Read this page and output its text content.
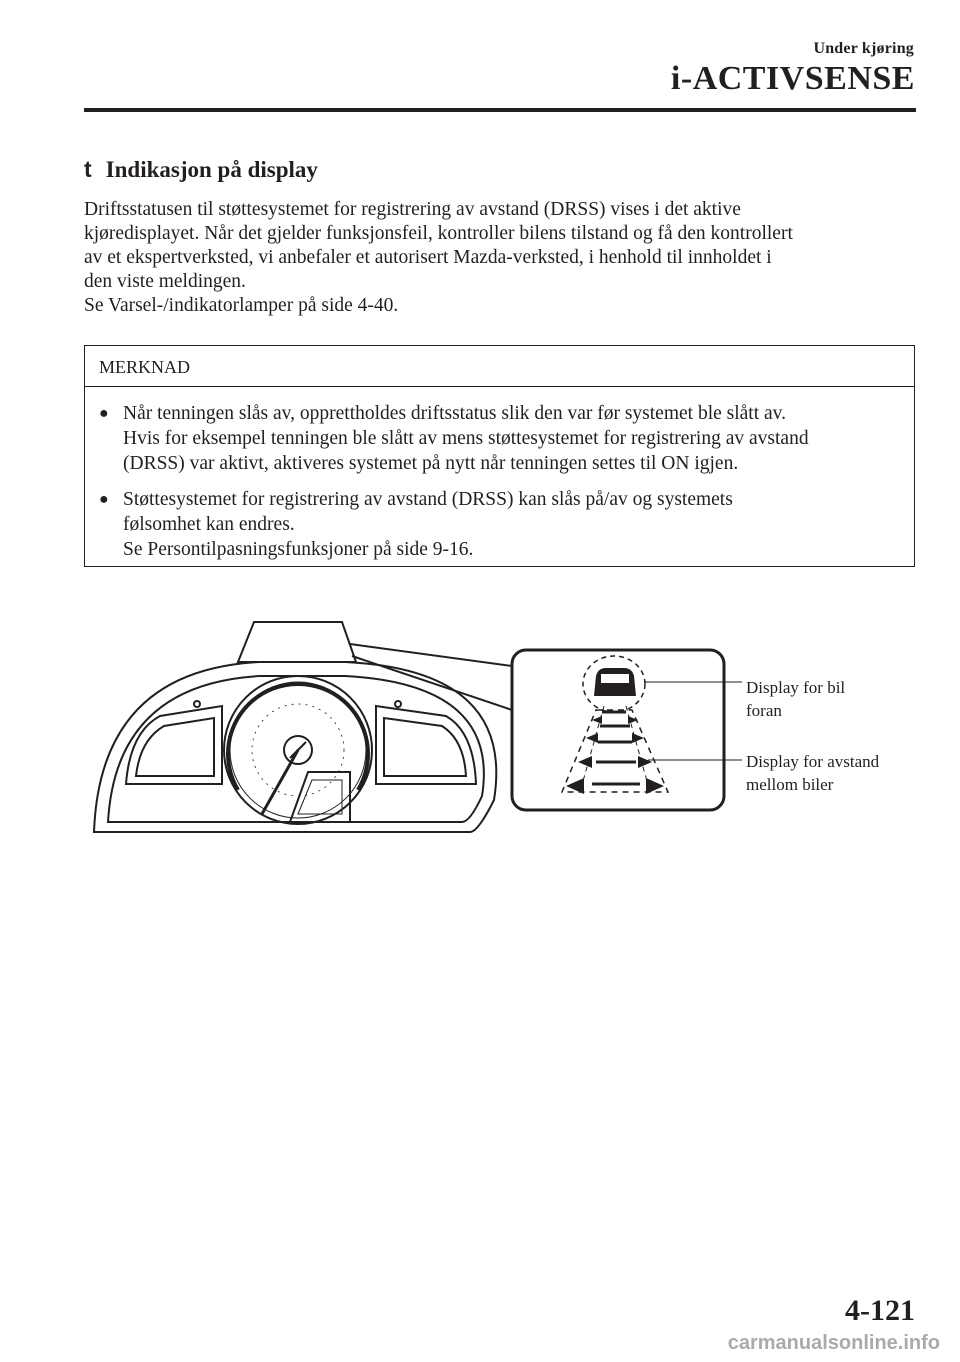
Under kjøring
i-ACTIVSENSE
t Indikasjon på display

Driftsstatusen til støttesystemet for registrering av avstand (DRSS) vises i det aktive
kjøredisplayet. Når det gjelder funksjonsfeil, kontroller bilens tilstand og få den kontrollert
av et ekspertverksted, vi anbefaler et autorisert Mazda-verksted, i henhold til innholdet i
den viste meldingen.
Se Varsel-/indikatorlamper på side 4-40.

MERKNAD
● Når tenningen slås av, opprettholdes driftsstatus slik den var før systemet ble slått av.
Hvis for eksempel tenningen ble slått av mens støttesystemet for registrering av avstand
(DRSS) var aktivt, aktiveres systemet på nytt når tenningen settes til ON igjen.
● Støttesystemet for registrering av avstand (DRSS) kan slås på/av og systemets
følsomhet kan endres.
Se Persontilpasningsfunksjoner på side 9-16.
Display for bil
foran
Display for avstand
mellom biler
4-121
carmanualsonline.info
